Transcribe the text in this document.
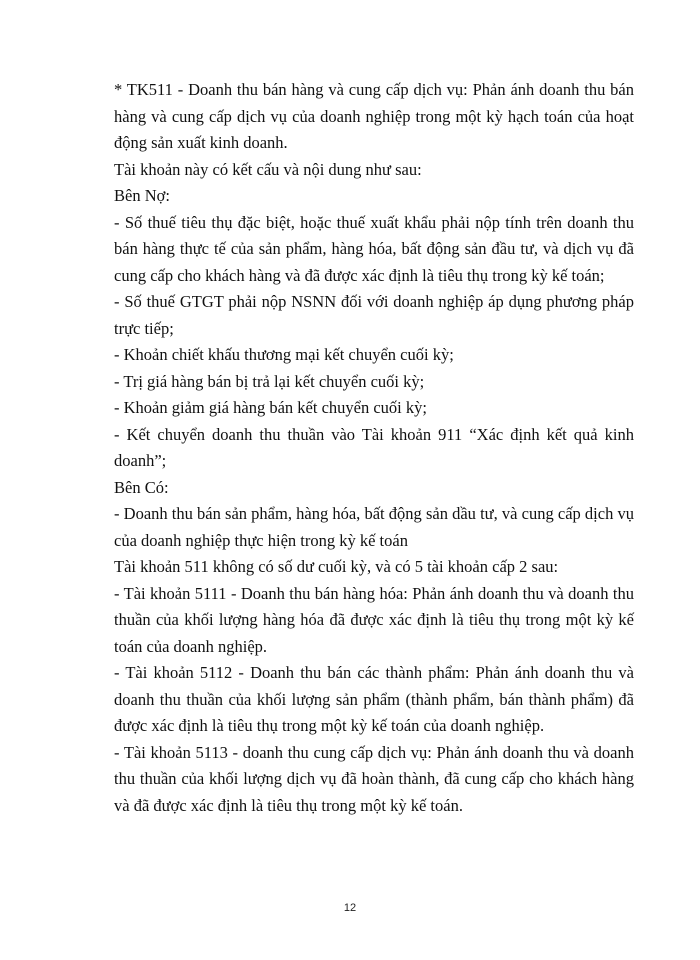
* TK511 - Doanh thu bán hàng và cung cấp dịch vụ: Phản ánh doanh thu bán hàng và cung cấp dịch vụ của doanh nghiệp trong một kỳ hạch toán của hoạt động sản xuất kinh doanh.

Tài khoản này có kết cấu và nội dung như sau:

Bên Nợ:

- Số thuế tiêu thụ đặc biệt, hoặc thuế xuất khẩu phải nộp tính trên doanh thu bán hàng thực tế của sản phẩm, hàng hóa, bất động sản đầu tư, và dịch vụ đã cung cấp cho khách hàng và đã được xác định là tiêu thụ trong kỳ kế toán;

- Số thuế GTGT phải nộp NSNN đối với doanh nghiệp áp dụng phương pháp trực tiếp;

- Khoản chiết khấu thương mại kết chuyển cuối kỳ;

- Trị giá hàng bán bị trả lại kết chuyển cuối kỳ;

- Khoản giảm giá hàng bán kết chuyển cuối kỳ;

- Kết chuyển doanh thu thuần vào Tài khoản 911 “Xác định kết quả kinh doanh”;

Bên Có:

- Doanh thu bán sản phẩm, hàng hóa, bất động sản dầu tư, và cung cấp dịch vụ của doanh nghiệp thực hiện trong kỳ kế toán

Tài khoản 511 không có số dư cuối kỳ, và có 5 tài khoản cấp 2 sau:

- Tài khoản 5111 - Doanh thu bán hàng hóa: Phản ánh doanh thu và doanh thu thuần của khối lượng hàng hóa đã được xác định là tiêu thụ trong một kỳ kế toán của doanh nghiệp.

- Tài khoản 5112 - Doanh thu bán các thành phẩm: Phản ánh doanh thu và doanh thu thuần của khối lượng sản phẩm (thành phẩm, bán thành phẩm) đã được xác định là tiêu thụ trong một kỳ kế toán của doanh nghiệp.

- Tài khoản 5113 - doanh thu cung cấp dịch vụ: Phản ánh doanh thu và doanh thu thuần của khối lượng dịch vụ đã hoàn thành, đã cung cấp cho khách hàng và đã được xác định là tiêu thụ trong một kỳ kế toán.

12
